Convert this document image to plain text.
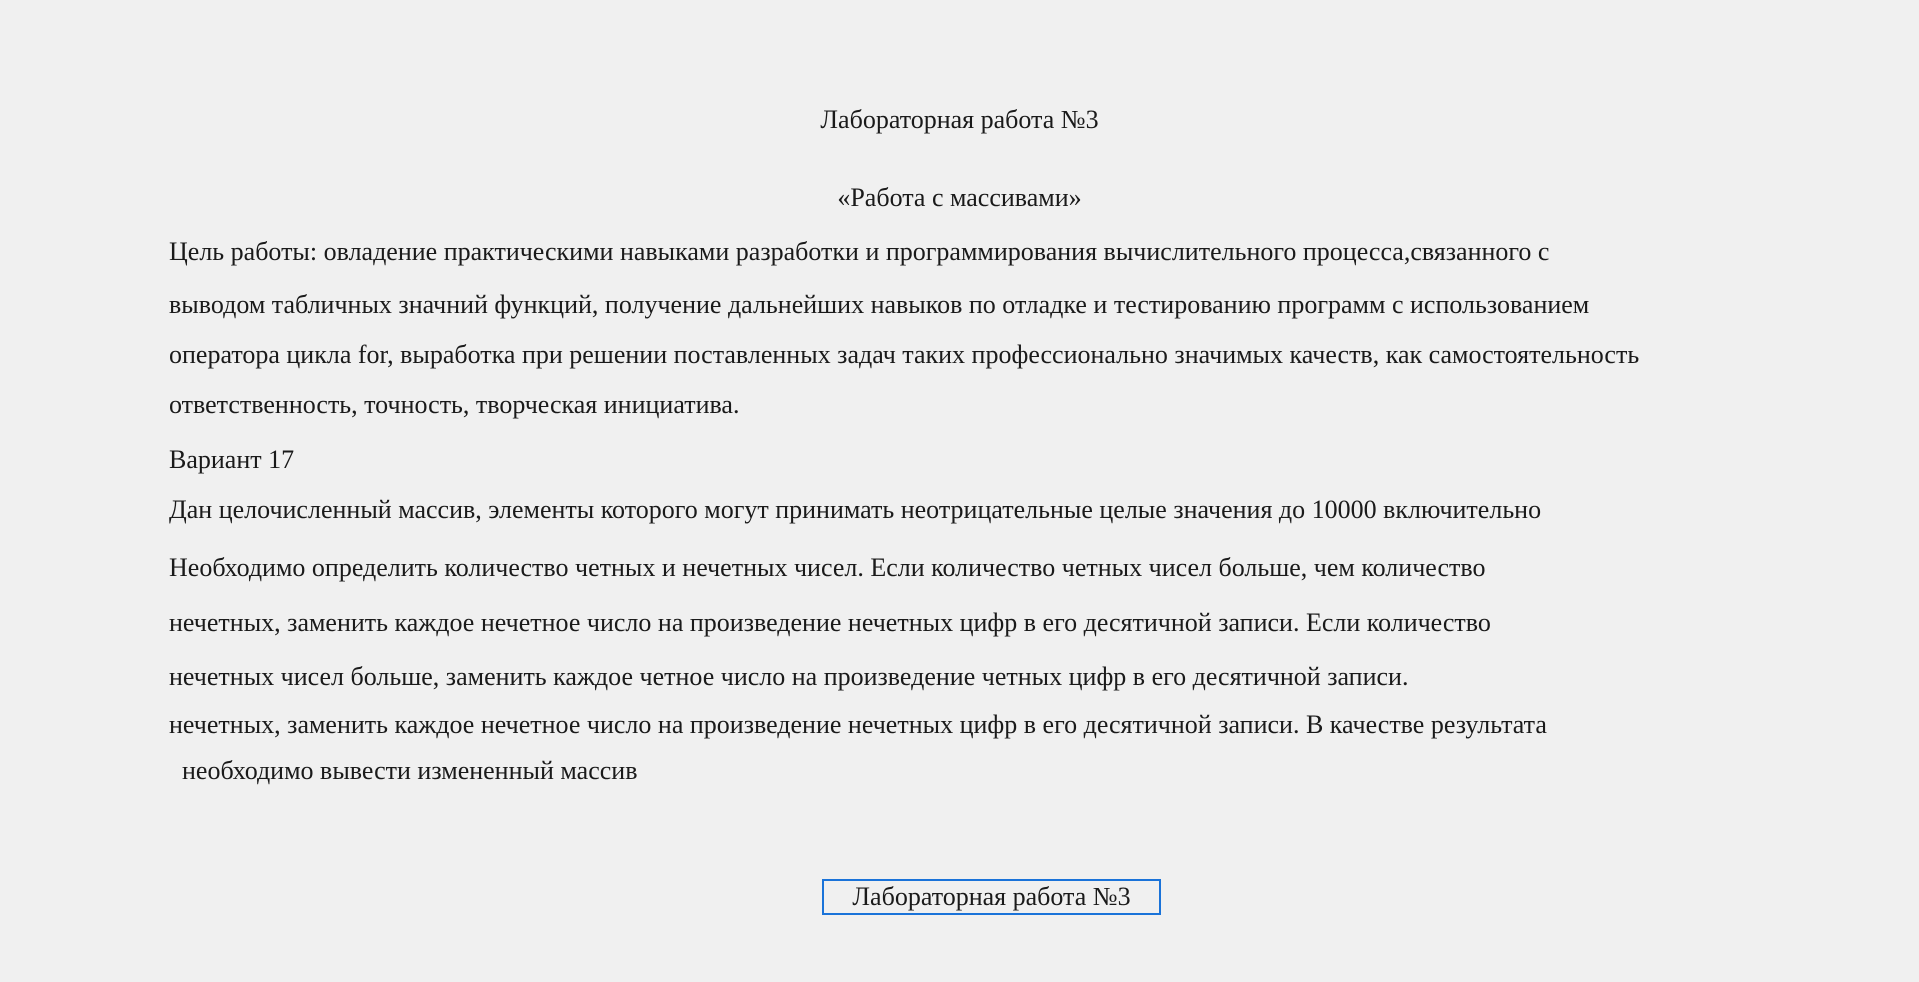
Лабораторная работа №3
«Работа с массивами»
Цель работы: овладение практическими навыками разработки и программирования вычислительного процесса,связанного с
выводом табличных значний функций, получение дальнейших навыков по отладке и тестированию программ с использованием
оператора цикла for, выработка при решении поставленных задач таких профессионально значимых качеств, как самостоятельность
ответственность, точность, творческая инициатива.
Вариант 17
Дан целочисленный массив, элементы которого могут принимать неотрицательные целые значения до 10000 включительно
Необходимо определить количество четных и нечетных чисел. Если количество четных чисел больше, чем количество
нечетных, заменить каждое нечетное число на произведение нечетных цифр в его десятичной записи. Если количество
нечетных чисел больше, заменить каждое четное число на произведение четных цифр в его десятичной записи.
нечетных, заменить каждое нечетное число на произведение нечетных цифр в его десятичной записи. В качестве результата
необходимо вывести измененный массив
Лабораторная работа №3
